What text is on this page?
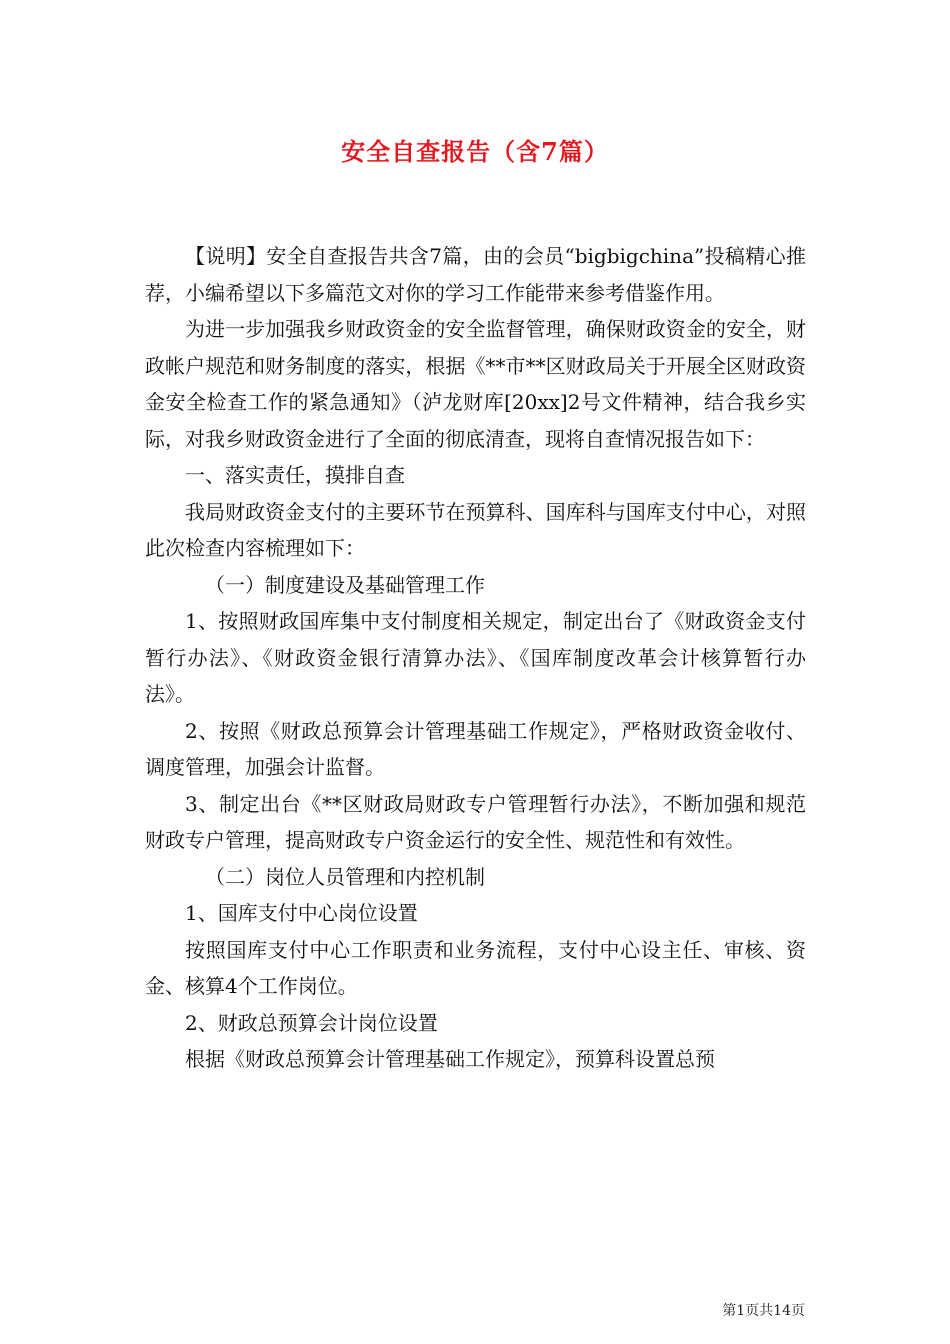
安全自查报告（含7篇）

【说明】安全自查报告共含7篇，由的会员“bigbigchina”投稿精心推荐，小编希望以下多篇范文对你的学习工作能带来参考借鉴作用。

为进一步加强我乡财政资金的安全监督管理，确保财政资金的安全，财政帐户规范和财务制度的落实，根据《**市**区财政局关于开展全区财政资金安全检查工作的紧急通知》（泸龙财库[20xx]2号文件精神，结合我乡实际，对我乡财政资金进行了全面的彻底清查，现将自查情况报告如下：

一、落实责任，摸排自查

我局财政资金支付的主要环节在预算科、国库科与国库支付中心，对照此次检查内容梳理如下：

（一）制度建设及基础管理工作

1、按照财政国库集中支付制度相关规定，制定出台了《财政资金支付暂行办法》、《财政资金银行清算办法》、《国库制度改革会计核算暂行办法》。

2、按照《财政总预算会计管理基础工作规定》，严格财政资金收付、调度管理，加强会计监督。

3、制定出台《**区财政局财政专户管理暂行办法》，不断加强和规范财政专户管理，提高财政专户资金运行的安全性、规范性和有效性。

（二）岗位人员管理和内控机制

1、国库支付中心岗位设置

按照国库支付中心工作职责和业务流程，支付中心设主任、审核、资金、核算4个工作岗位。

2、财政总预算会计岗位设置

根据《财政总预算会计管理基础工作规定》，预算科设置总预

第1页共14页
